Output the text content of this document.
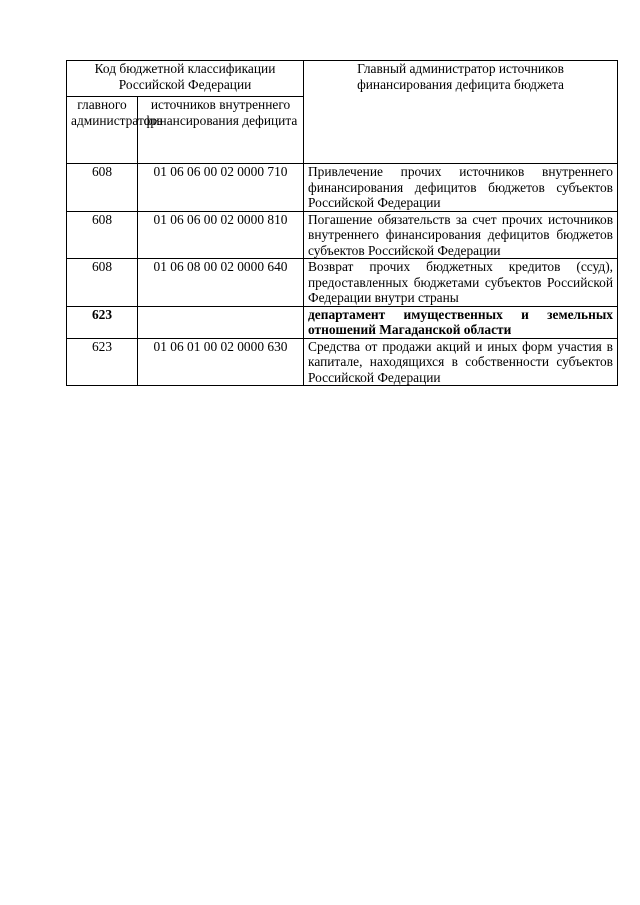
Код бюджетной классификации Российской Федерации		Главный администратор источников финансирования дефицита бюджета
главного администратора	источников внутреннего финансирования дефицита	
608	01 06 06 00 02 0000 710	Привлечение прочих источников внутреннего финансирования дефицитов бюджетов субъектов Российской Федерации
608	01 06 06 00 02 0000 810	Погашение обязательств за счет прочих источников внутреннего финансирования дефицитов бюджетов субъектов Российской Федерации
608	01 06 08 00 02 0000 640	Возврат прочих бюджетных кредитов (ссуд), предоставленных бюджетами субъектов Российской Федерации внутри страны
623		департамент имущественных и земельных отношений Магаданской области
623	01 06 01 00 02 0000 630	Средства от продажи акций и иных форм участия в капитале, находящихся в собственности субъектов Российской Федерации
